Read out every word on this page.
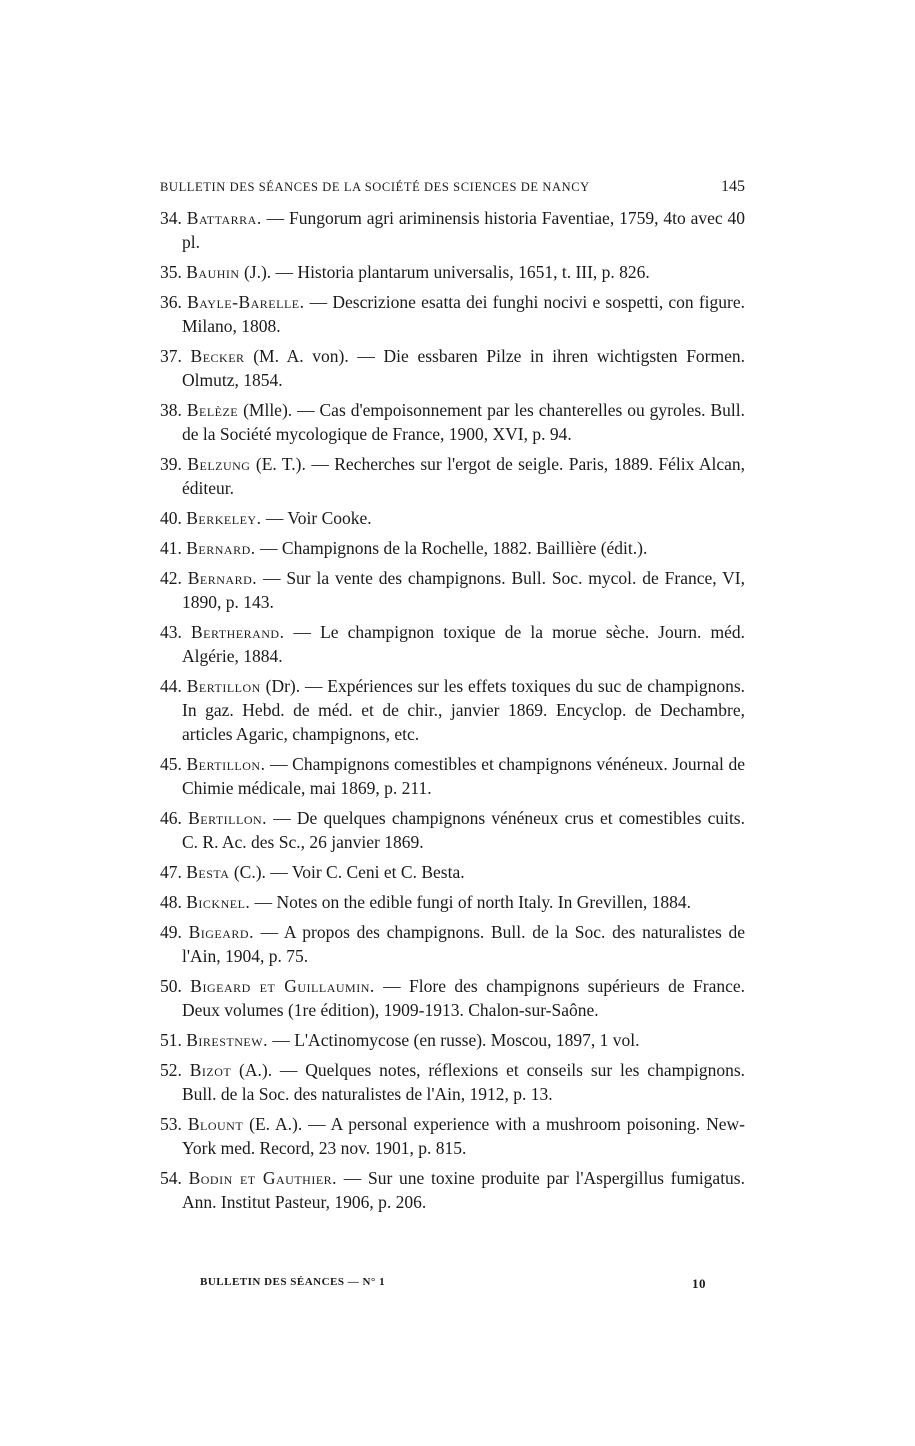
BULLETIN DES SÉANCES DE LA SOCIÉTÉ DES SCIENCES DE NANCY	145
34. Battarra. — Fungorum agri ariminensis historia Faventiae, 1759, 4to avec 40 pl.
35. Bauhin (J.). — Historia plantarum universalis, 1651, t. III, p. 826.
36. Bayle-Barelle. — Descrizione esatta dei funghi nocivi e sospetti, con figure. Milano, 1808.
37. Becker (M. A. von). — Die essbaren Pilze in ihren wichtigsten Formen. Olmutz, 1854.
38. Belèze (Mlle). — Cas d'empoisonnement par les chanterelles ou gyroles. Bull. de la Société mycologique de France, 1900, XVI, p. 94.
39. Belzung (E. T.). — Recherches sur l'ergot de seigle. Paris, 1889. Félix Alcan, éditeur.
40. Berkeley. — Voir Cooke.
41. Bernard. — Champignons de la Rochelle, 1882. Baillière (édit.).
42. Bernard. — Sur la vente des champignons. Bull. Soc. mycol. de France, VI, 1890, p. 143.
43. Bertherand. — Le champignon toxique de la morue sèche. Journ. méd. Algérie, 1884.
44. Bertillon (Dr). — Expériences sur les effets toxiques du suc de champignons. In gaz. Hebd. de méd. et de chir., janvier 1869. Encyclop. de Dechambre, articles Agaric, champignons, etc.
45. Bertillon. — Champignons comestibles et champignons vénéneux. Journal de Chimie médicale, mai 1869, p. 211.
46. Bertillon. — De quelques champignons vénéneux crus et comestibles cuits. C. R. Ac. des Sc., 26 janvier 1869.
47. Besta (C.). — Voir C. Ceni et C. Besta.
48. Bicknel. — Notes on the edible fungi of north Italy. In Grevillen, 1884.
49. Bigeard. — A propos des champignons. Bull. de la Soc. des naturalistes de l'Ain, 1904, p. 75.
50. Bigeard et Guillaumin. — Flore des champignons supérieurs de France. Deux volumes (1re édition), 1909-1913. Chalon-sur-Saône.
51. Birestnew. — L'Actinomycose (en russe). Moscou, 1897, 1 vol.
52. Bizot (A.). — Quelques notes, réflexions et conseils sur les champignons. Bull. de la Soc. des naturalistes de l'Ain, 1912, p. 13.
53. Blount (E. A.). — A personal experience with a mushroom poisoning. New-York med. Record, 23 nov. 1901, p. 815.
54. Bodin et Gauthier. — Sur une toxine produite par l'Aspergillus fumigatus. Ann. Institut Pasteur, 1906, p. 206.
BULLETIN DES SÉANCES — N° 1	10
